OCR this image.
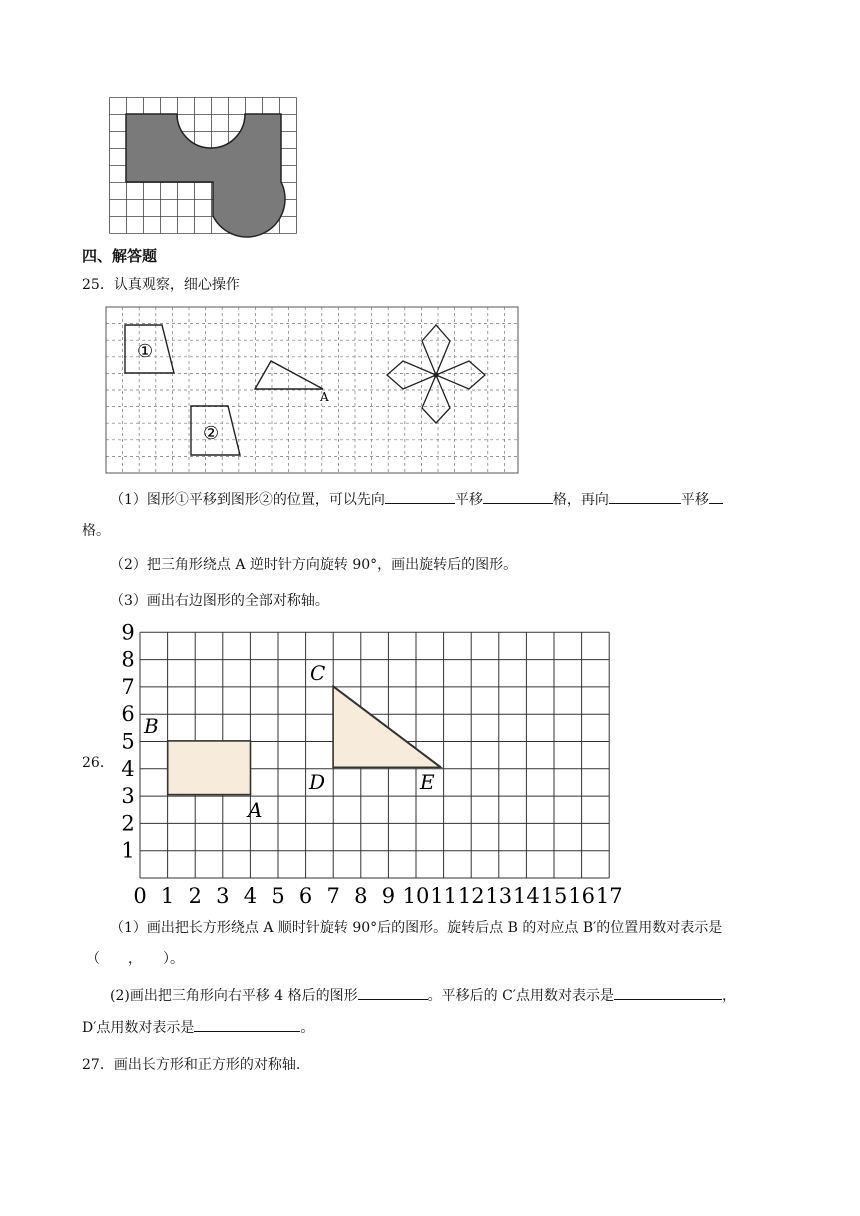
四、解答题
25．认真观察，细心操作
①
②
A
（1）图形①平移到图形②的位置，可以先向	平移	格，再向	平移
格。
（2）把三角形绕点 A 逆时针方向旋转 90°，画出旋转后的图形。
（3）画出右边图形的全部对称轴。
26．
A
B
C
D	E
0 1 2 3 4 5 6 7 8 9 10 11 12 13 14 15 16 17
1
2
3
4
5
6
7
8
9
（1）画出把长方形绕点 A 顺时针旋转 90°后的图形。旋转后点 B 的对应点 B′的位置用数对表示是
（　　，　　）。
(2)画出把三角形向右平移 4 格后的图形	。平移后的 C′点用数对表示是	，
D′点用数对表示是	。
27．画出长方形和正方形的对称轴.
